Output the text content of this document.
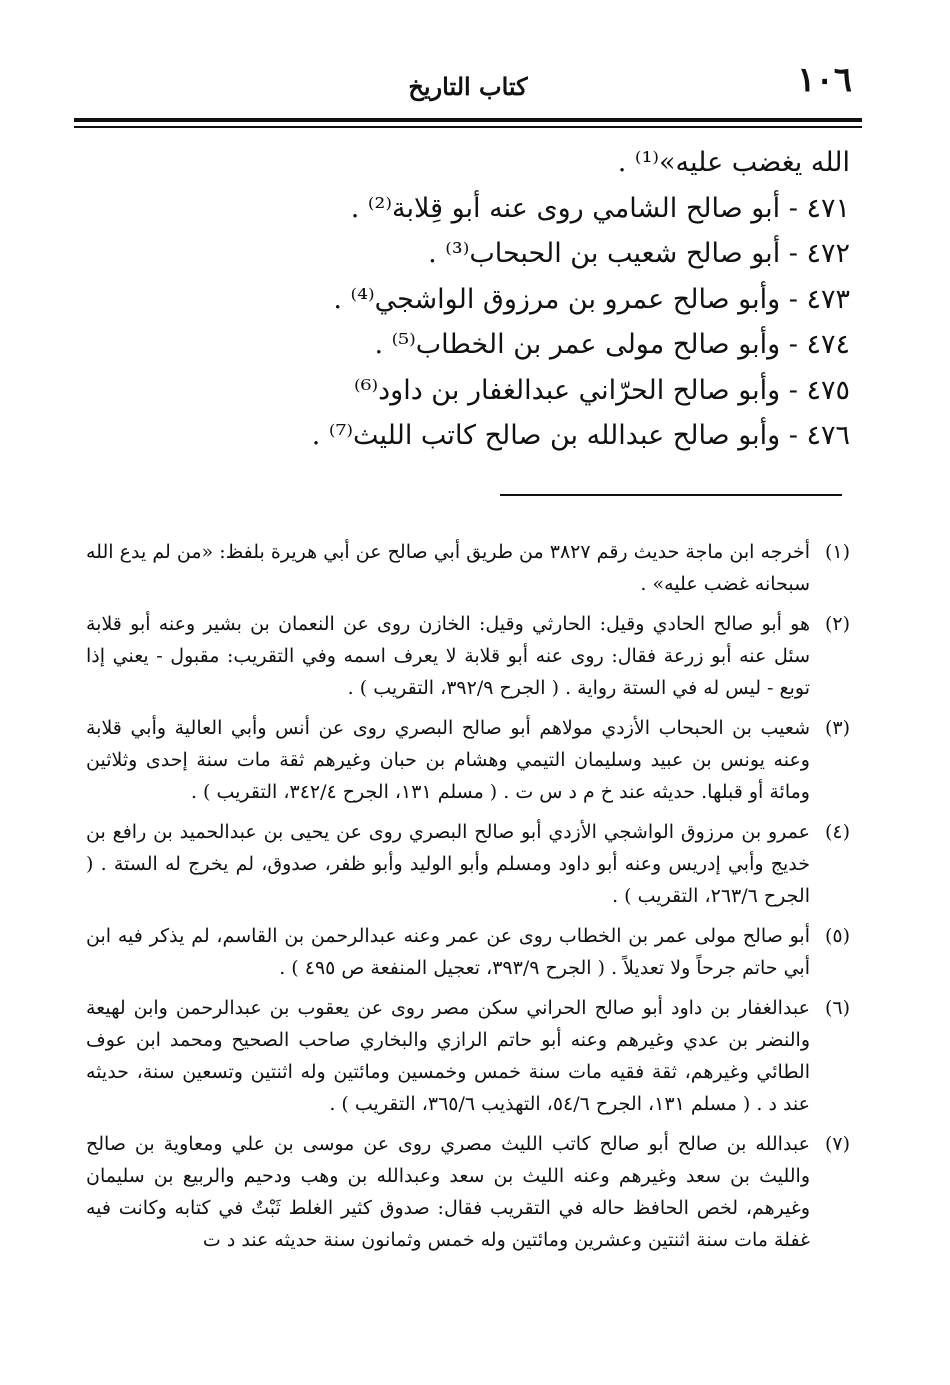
١٠٦
كتاب التاريخ
الله يغضب عليه»⁽¹⁾ .
٤٧١ - أبو صالح الشامي روى عنه أبو قِلابة⁽²⁾ .
٤٧٢ - أبو صالح شعيب بن الحبحاب⁽³⁾ .
٤٧٣ - وأبو صالح عمرو بن مرزوق الواشجي⁽⁴⁾ .
٤٧٤ - وأبو صالح مولى عمر بن الخطاب⁽⁵⁾ .
٤٧٥ - وأبو صالح الحرّاني عبدالغفار بن داود⁽⁶⁾
٤٧٦ - وأبو صالح عبدالله بن صالح كاتب الليث⁽⁷⁾ .
(١)
أخرجه ابن ماجة حديث رقم ٣٨٢٧ من طريق أبي صالح عن أبي هريرة بلفظ: «من لم يدع الله سبحانه غضب عليه» .
(٢)
هو أبو صالح الحادي وقيل: الحارثي وقيل: الخازن روى عن النعمان بن بشير وعنه أبو قلابة سئل عنه أبو زرعة فقال: روى عنه أبو قلابة لا يعرف اسمه وفي التقريب: مقبول - يعني إذا توبع - ليس له في الستة رواية . ( الجرح ٣٩٢/٩، التقريب ) .
(٣)
شعيب بن الحبحاب الأزدي مولاهم أبو صالح البصري روى عن أنس وأبي العالية وأبي قلابة وعنه يونس بن عبيد وسليمان التيمي وهشام بن حبان وغيرهم ثقة مات سنة إحدى وثلاثين ومائة أو قبلها. حديثه عند خ م د س ت . ( مسلم ١٣١، الجرح ٣٤٢/٤، التقريب ) .
(٤)
عمرو بن مرزوق الواشجي الأزدي أبو صالح البصري روى عن يحيى بن عبدالحميد بن رافع بن خديج وأبي إدريس وعنه أبو داود ومسلم وأبو الوليد وأبو ظفر، صدوق، لم يخرج له الستة . ( الجرح ٢٦٣/٦، التقريب ) .
(٥)
أبو صالح مولى عمر بن الخطاب روى عن عمر وعنه عبدالرحمن بن القاسم، لم يذكر فيه ابن أبي حاتم جرحاً ولا تعديلاً . ( الجرح ٣٩٣/٩، تعجيل المنفعة ص ٤٩٥ ) .
(٦)
عبدالغفار بن داود أبو صالح الحراني سكن مصر روى عن يعقوب بن عبدالرحمن وابن لهيعة والنضر بن عدي وغيرهم وعنه أبو حاتم الرازي والبخاري صاحب الصحيح ومحمد ابن عوف الطائي وغيرهم، ثقة فقيه مات سنة خمس وخمسين ومائتين وله اثنتين وتسعين سنة، حديثه عند د . ( مسلم ١٣١، الجرح ٥٤/٦، التهذيب ٣٦٥/٦، التقريب ) .
(٧)
عبدالله بن صالح أبو صالح كاتب الليث مصري روى عن موسى بن علي ومعاوية بن صالح والليث بن سعد وغيرهم وعنه الليث بن سعد وعبدالله بن وهب ودحيم والربيع بن سليمان وغيرهم، لخص الحافظ حاله في التقريب فقال: صدوق كثير الغلط ثَبْتٌ في كتابه وكانت فيه غفلة مات سنة اثنتين وعشرين ومائتين وله خمس وثمانون سنة حديثه عند د ت
